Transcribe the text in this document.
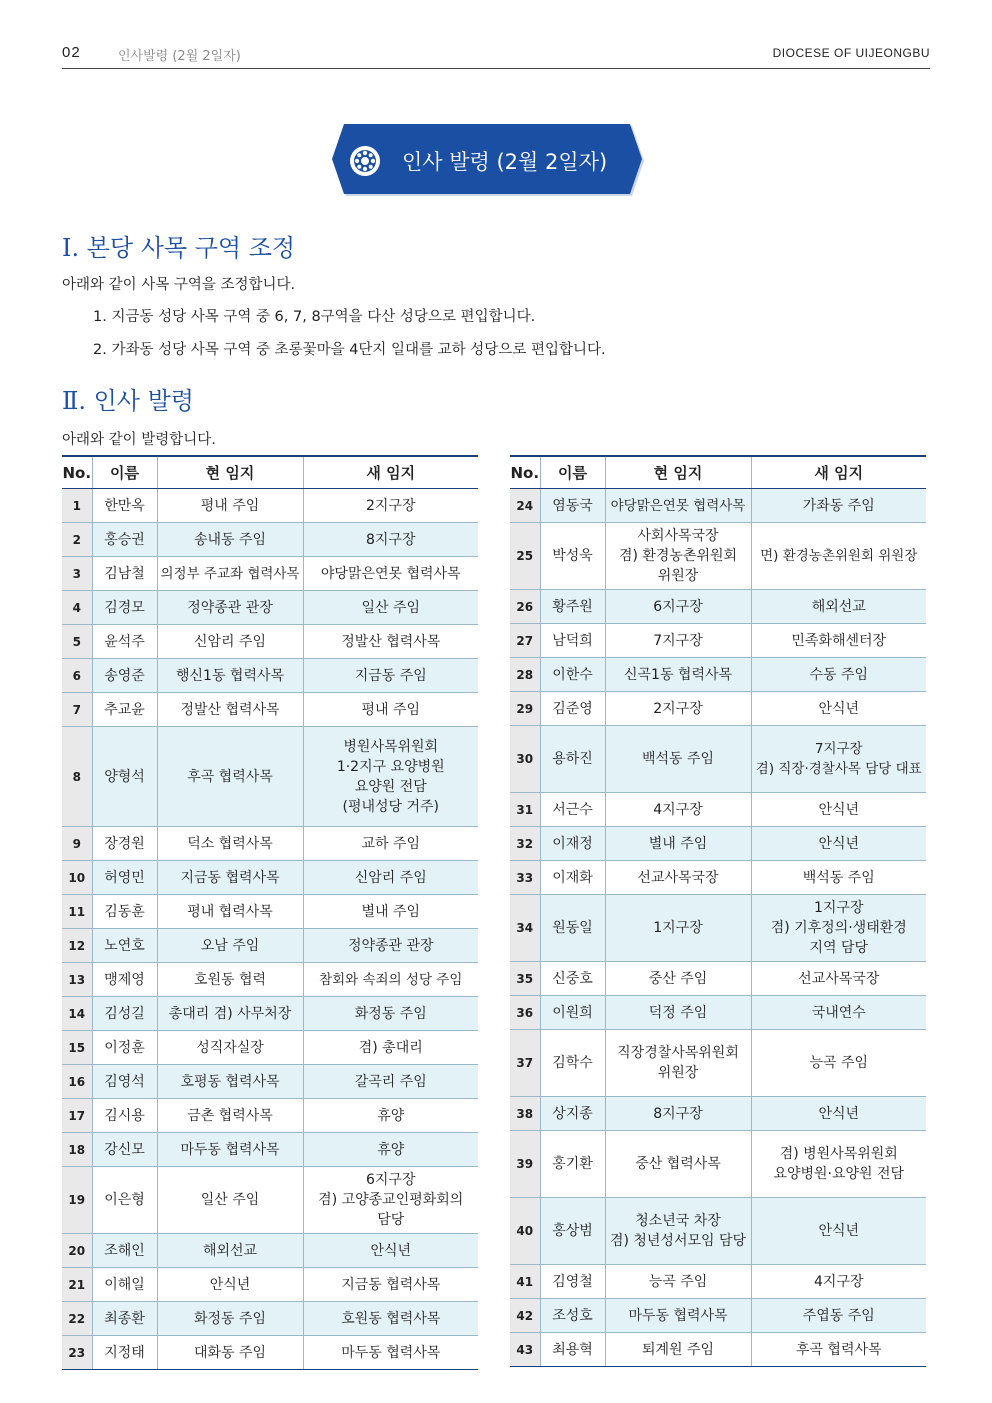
02	인사발령 (2월 2일자)	DIOCESE OF UIJEONGBU
인사 발령 (2월 2일자)
Ⅰ. 본당 사목 구역 조정
아래와 같이 사목 구역을 조정합니다.
1. 지금동 성당 사목 구역 중 6, 7, 8구역을 다산 성당으로 편입합니다.
2. 가좌동 성당 사목 구역 중 초롱꽃마을 4단지 일대를 교하 성당으로 편입합니다.
Ⅱ. 인사 발령
아래와 같이 발령합니다.
No.	이름	현 임지	새 임지
1	한만옥	평내 주임	2지구장
2	홍승권	송내동 주임	8지구장
3	김남철	의정부 주교좌 협력사목	야당맑은연못 협력사목
4	김경모	정약종관 관장	일산 주임
5	윤석주	신암리 주임	정발산 협력사목
6	송영준	행신1동 협력사목	지금동 주임
7	추교윤	정발산 협력사목	평내 주임
8	양형석	후곡 협력사목	병원사목위원회
1·2지구 요양병원
요양원 전담
(평내성당 거주)
9	장경원	덕소 협력사목	교하 주임
10	허영민	지금동 협력사목	신암리 주임
11	김동훈	평내 협력사목	별내 주임
12	노연호	오남 주임	정약종관 관장
13	맹제영	호원동 협력	참회와 속죄의 성당 주임
14	김성길	총대리 겸) 사무처장	화정동 주임
15	이정훈	성직자실장	겸) 총대리
16	김영석	호평동 협력사목	갈곡리 주임
17	김시용	금촌 협력사목	휴양
18	강신모	마두동 협력사목	휴양
19	이은형	일산 주임	6지구장
겸) 고양종교인평화회의
담당
20	조해인	해외선교	안식년
21	이해일	안식년	지금동 협력사목
22	최종환	화정동 주임	호원동 협력사목
23	지정태	대화동 주임	마두동 협력사목
No.	이름	현 임지	새 임지
24	염동국	야당맑은연못 협력사목	가좌동 주임
25	박성욱	사회사목국장
겸) 환경농촌위원회
위원장	면) 환경농촌위원회 위원장
26	황주원	6지구장	해외선교
27	남덕희	7지구장	민족화해센터장
28	이한수	신곡1동 협력사목	수동 주임
29	김준영	2지구장	안식년
30	용하진	백석동 주임	7지구장
겸) 직장·경찰사목 담당 대표
31	서근수	4지구장	안식년
32	이재정	별내 주임	안식년
33	이재화	선교사목국장	백석동 주임
34	원동일	1지구장	1지구장
겸) 기후정의·생태환경
지역 담당
35	신중호	중산 주임	선교사목국장
36	이원희	덕정 주임	국내연수
37	김학수	직장경찰사목위원회
위원장	능곡 주임
38	상지종	8지구장	안식년
39	홍기환	중산 협력사목	겸) 병원사목위원회
요양병원·요양원 전담
40	홍상범	청소년국 차장
겸) 청년성서모임 담당	안식년
41	김영철	능곡 주임	4지구장
42	조성호	마두동 협력사목	주엽동 주임
43	최용혁	퇴계원 주임	후곡 협력사목
